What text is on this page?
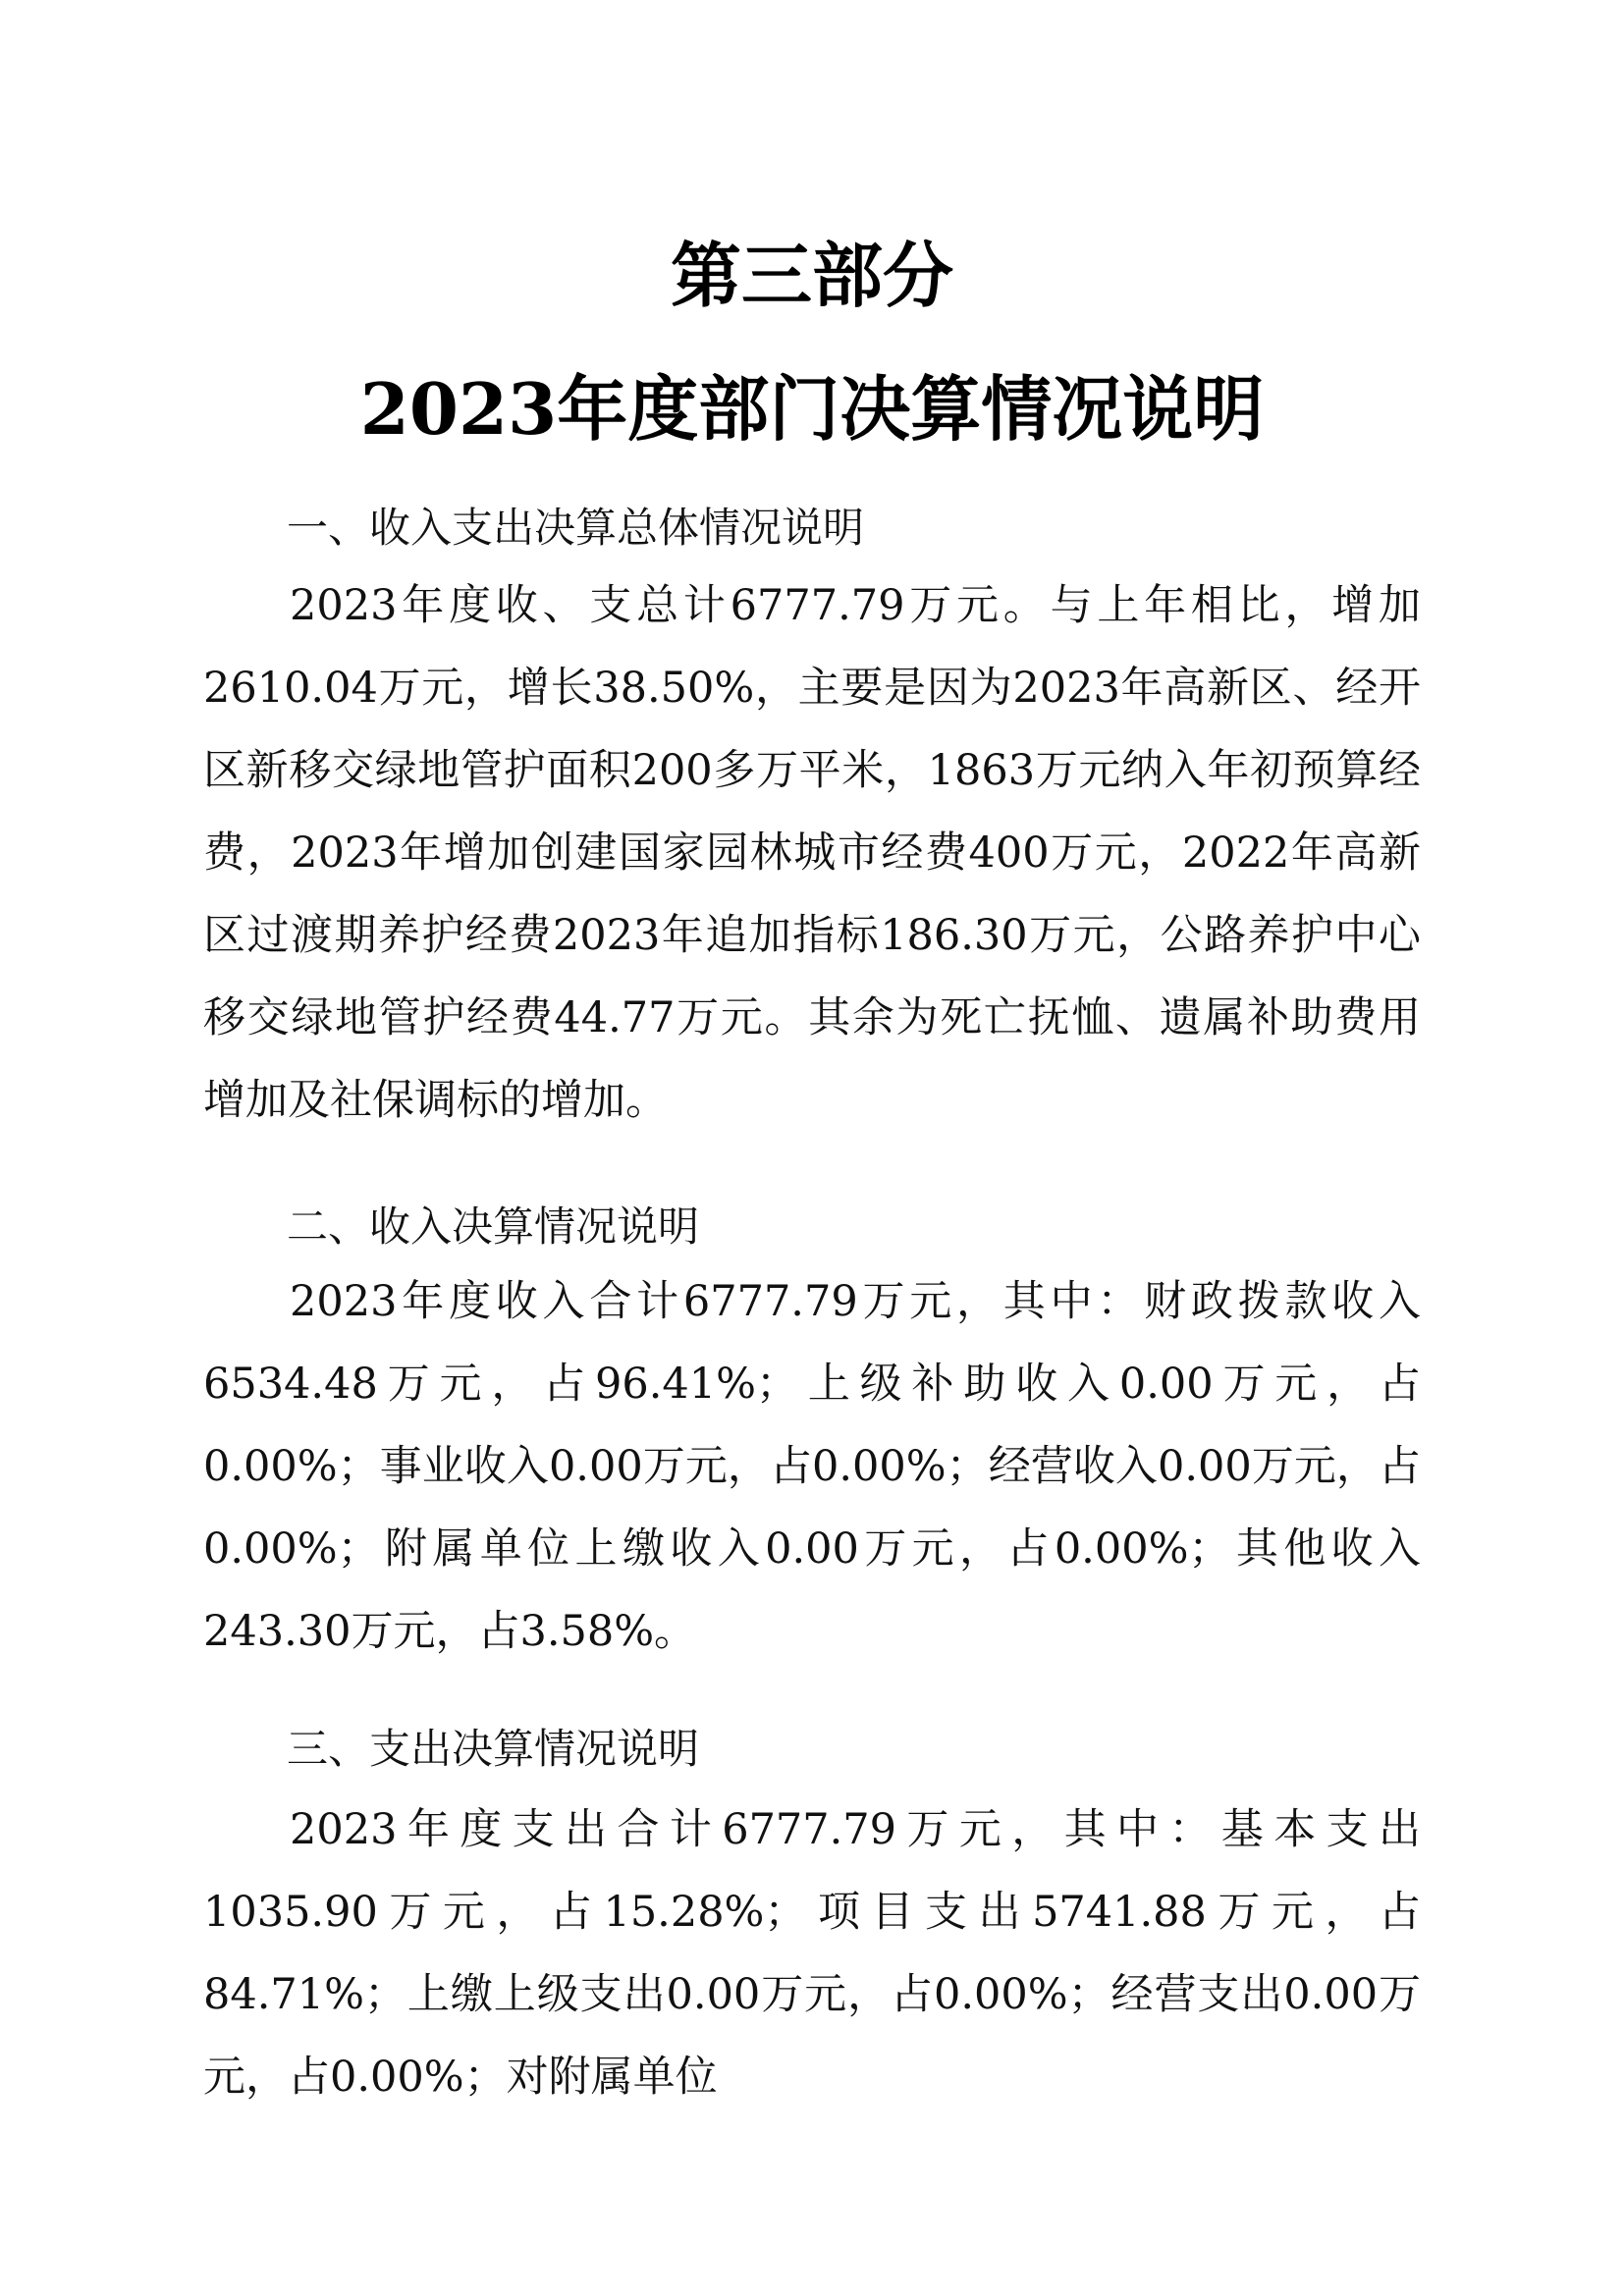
第三部分
2023年度部门决算情况说明
一、收入支出决算总体情况说明

2023年度收、支总计6777.79万元。与上年相比，增加2610.04万元，增长38.50%，主要是因为2023年高新区、经开区新移交绿地管护面积200多万平米，1863万元纳入年初预算经费，2023年增加创建国家园林城市经费400万元，2022年高新区过渡期养护经费2023年追加指标186.30万元，公路养护中心移交绿地管护经费44.77万元。其余为死亡抚恤、遗属补助费用增加及社保调标的增加。

二、收入决算情况说明

2023年度收入合计6777.79万元，其中：财政拨款收入6534.48万元，占96.41%；上级补助收入0.00万元，占0.00%；事业收入0.00万元，占0.00%；经营收入0.00万元，占0.00%；附属单位上缴收入0.00万元，占0.00%；其他收入243.30万元，占3.58%。

三、支出决算情况说明

2023年度支出合计6777.79万元，其中：基本支出1035.90万元，占15.28%；项目支出5741.88万元，占84.71%；上缴上级支出0.00万元，占0.00%；经营支出0.00万元，占0.00%；对附属单位
